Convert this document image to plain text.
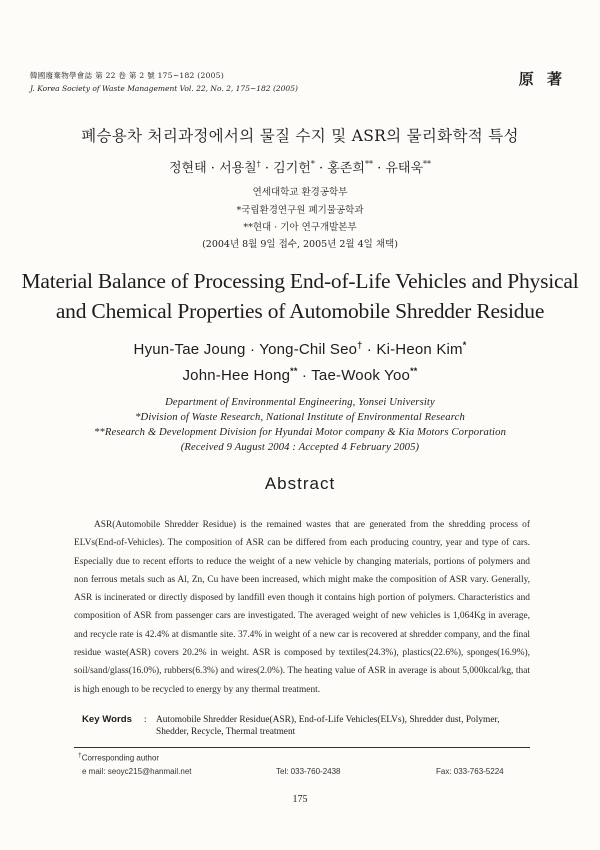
韓國廢棄物學會誌 第 22 卷 第 2 號 175~182 (2005)
J. Korea Society of Waste Management Vol. 22, No. 2, 175~182 (2005)
原 著
폐승용차 처리과정에서의 물질 수지 및 ASR의 물리화학적 특성
정현태 · 서용칠† · 김기헌* · 홍존희** · 유태욱**
연세대학교 환경공학부
*국립환경연구원 폐기물공학과
**현대 · 기아 연구개발본부
(2004년 8월 9일 접수, 2005년 2월 4일 채택)
Material Balance of Processing End-of-Life Vehicles and Physical
and Chemical Properties of Automobile Shredder Residue
Hyun-Tae Joung · Yong-Chil Seo† · Ki-Heon Kim*
John-Hee Hong** · Tae-Wook Yoo**
Department of Environmental Engineering, Yonsei University
*Division of Waste Research, National Institute of Environmental Research
**Research & Development Division for Hyundai Motor company & Kia Motors Corporation
(Received 9 August 2004 : Accepted 4 February 2005)
Abstract
ASR(Automobile Shredder Residue) is the remained wastes that are generated from the shredding process of ELVs(End-of-Vehicles). The composition of ASR can be differed from each producing country, year and type of cars. Especially due to recent efforts to reduce the weight of a new vehicle by changing materials, portions of polymers and non ferrous metals such as Al, Zn, Cu have been increased, which might make the composition of ASR vary. Generally, ASR is incinerated or directly disposed by landfill even though it contains high portion of polymers. Characteristics and composition of ASR from passenger cars are investigated. The averaged weight of new vehicles is 1,064Kg in average, and recycle rate is 42.4% at dismantle site. 37.4% in weight of a new car is recovered at shredder company, and the final residue waste(ASR) covers 20.2% in weight. ASR is composed by textiles(24.3%), plastics(22.6%), sponges(16.9%), soil/sand/glass(16.0%), rubbers(6.3%) and wires(2.0%). The heating value of ASR in average is about 5,000kcal/kg, that is high enough to be recycled to energy by any thermal treatment.
Key Words : Automobile Shredder Residue(ASR), End-of-Life Vehicles(ELVs), Shredder dust, Polymer, Shedder, Recycle, Thermal treatment
†Corresponding author
e mail: seoyc215@hanmail.net	Tel: 033-760-2438	Fax: 033-763-5224
175
